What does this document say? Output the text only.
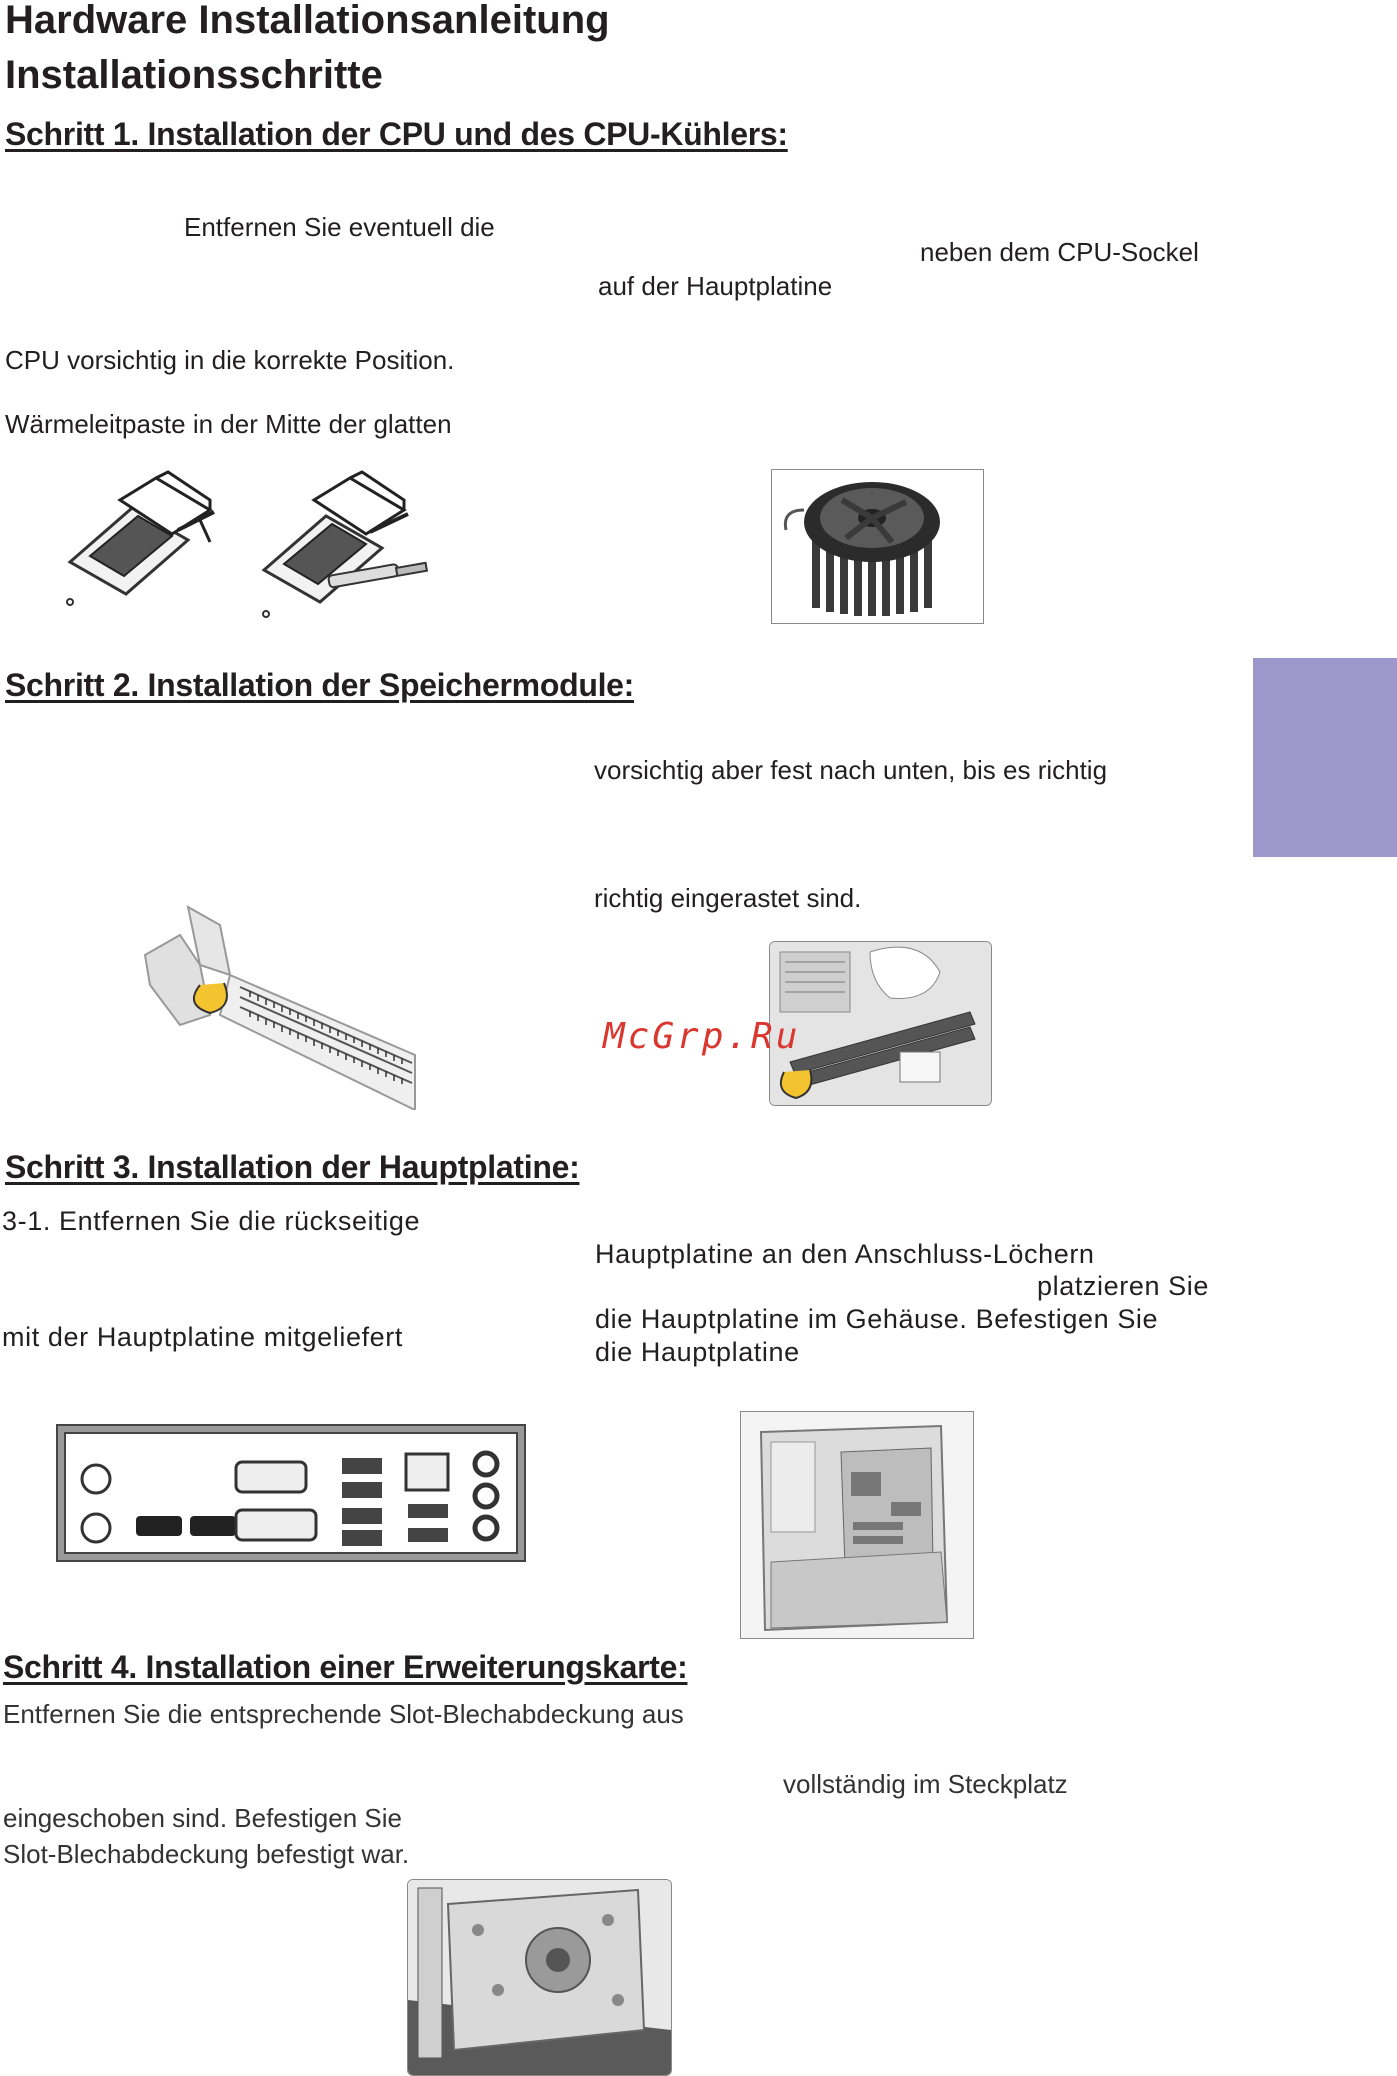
Hardware Installationsanleitung
Installationsschritte
Schritt 1. Installation der CPU und des CPU-Kühlers:
Entfernen Sie eventuell die
neben dem CPU-Sockel
auf der Hauptplatine
CPU vorsichtig in die korrekte Position.
Wärmeleitpaste in der Mitte der glatten
Schritt 2. Installation der Speichermodule:
vorsichtig aber fest nach unten, bis es richtig
richtig eingerastet sind.
McGrp.Ru
Schritt 3. Installation der Hauptplatine:
3-1. Entfernen Sie die rückseitige
mit der Hauptplatine mitgeliefert
Hauptplatine an den Anschluss-Löchern
platzieren Sie
die Hauptplatine im Gehäuse. Befestigen Sie
die Hauptplatine
Schritt 4. Installation einer Erweiterungskarte:
Entfernen Sie die entsprechende Slot-Blechabdeckung aus
vollständig im Steckplatz
eingeschoben sind. Befestigen Sie
Slot-Blechabdeckung befestigt war.
